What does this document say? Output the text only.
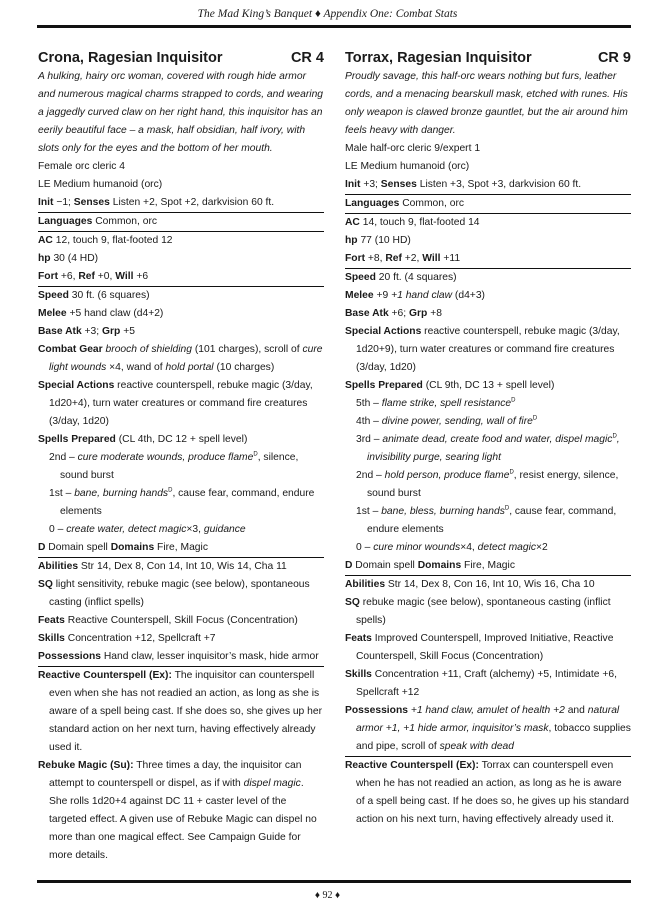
The Mad King’s Banquet ♦ Appendix One: Combat Stats
Crona, Ragesian Inquisitor	CR 4
A hulking, hairy orc woman, covered with rough hide armor and numerous magical charms strapped to cords, and wearing a jaggedly curved claw on her right hand, this inquisitor has an eerily beautiful face – a mask, half obsidian, half ivory, with slots only for the eyes and the bottom of her mouth.
Female orc cleric 4
LE Medium humanoid (orc)
Init −1; Senses Listen +2, Spot +2, darkvision 60 ft.
Languages Common, orc
AC 12, touch 9, flat-footed 12
hp 30 (4 HD)
Fort +6, Ref +0, Will +6
Speed 30 ft. (6 squares)
Melee +5 hand claw (d4+2)
Base Atk +3; Grp +5
Combat Gear brooch of shielding (101 charges), scroll of cure light wounds ×4, wand of hold portal (10 charges)
Special Actions reactive counterspell, rebuke magic (3/day, 1d20+4), turn water creatures or command fire creatures (3/day, 1d20)
Spells Prepared (CL 4th, DC 12 + spell level)
2nd – cure moderate wounds, produce flame$^D$, silence, sound burst
1st – bane, burning hands$^D$, cause fear, command, endure elements
0 – create water, detect magic×3, guidance
D Domain spell Domains Fire, Magic
Abilities Str 14, Dex 8, Con 14, Int 10, Wis 14, Cha 11
SQ light sensitivity, rebuke magic (see below), spontaneous casting (inflict spells)
Feats Reactive Counterspell, Skill Focus (Concentration)
Skills Concentration +12, Spellcraft +7
Possessions Hand claw, lesser inquisitor’s mask, hide armor
Reactive Counterspell (Ex): The inquisitor can counterspell even when she has not readied an action, as long as she is aware of a spell being cast. If she does so, she gives up her standard action on her next turn, having effectively already used it.
Rebuke Magic (Su): Three times a day, the inquisitor can attempt to counterspell or dispel, as if with dispel magic. She rolls 1d20+4 against DC 11 + caster level of the targeted effect. A given use of Rebuke Magic can dispel no more than one magical effect. See Campaign Guide for more details.
Torrax, Ragesian Inquisitor	CR 9
Proudly savage, this half-orc wears nothing but furs, leather cords, and a menacing bearskull mask, etched with runes. His only weapon is clawed bronze gauntlet, but the air around him feels heavy with danger.
Male half-orc cleric 9/expert 1
LE Medium humanoid (orc)
Init +3; Senses Listen +3, Spot +3, darkvision 60 ft.
Languages Common, orc
AC 14, touch 9, flat-footed 14
hp 77 (10 HD)
Fort +8, Ref +2, Will +11
Speed 20 ft. (4 squares)
Melee +9 +1 hand claw (d4+3)
Base Atk +6; Grp +8
Special Actions reactive counterspell, rebuke magic (3/day, 1d20+9), turn water creatures or command fire creatures (3/day, 1d20)
Spells Prepared (CL 9th, DC 13 + spell level)
5th – flame strike, spell resistance$^D$
4th – divine power, sending, wall of fire$^D$
3rd – animate dead, create food and water, dispel magic$^D$, invisibility purge, searing light
2nd – hold person, produce flame$^D$, resist energy, silence, sound burst
1st – bane, bless, burning hands$^D$, cause fear, command, endure elements
0 – cure minor wounds×4, detect magic×2
D Domain spell Domains Fire, Magic
Abilities Str 14, Dex 8, Con 16, Int 10, Wis 16, Cha 10
SQ rebuke magic (see below), spontaneous casting (inflict spells)
Feats Improved Counterspell, Improved Initiative, Reactive Counterspell, Skill Focus (Concentration)
Skills Concentration +11, Craft (alchemy) +5, Intimidate +6, Spellcraft +12
Possessions +1 hand claw, amulet of health +2 and natural armor +1, +1 hide armor, inquisitor’s mask, tobacco supplies and pipe, scroll of speak with dead
Reactive Counterspell (Ex): Torrax can counterspell even when he has not readied an action, as long as he is aware of a spell being cast. If he does so, he gives up his standard action on his next turn, having effectively already used it.
♦ 92 ♦
